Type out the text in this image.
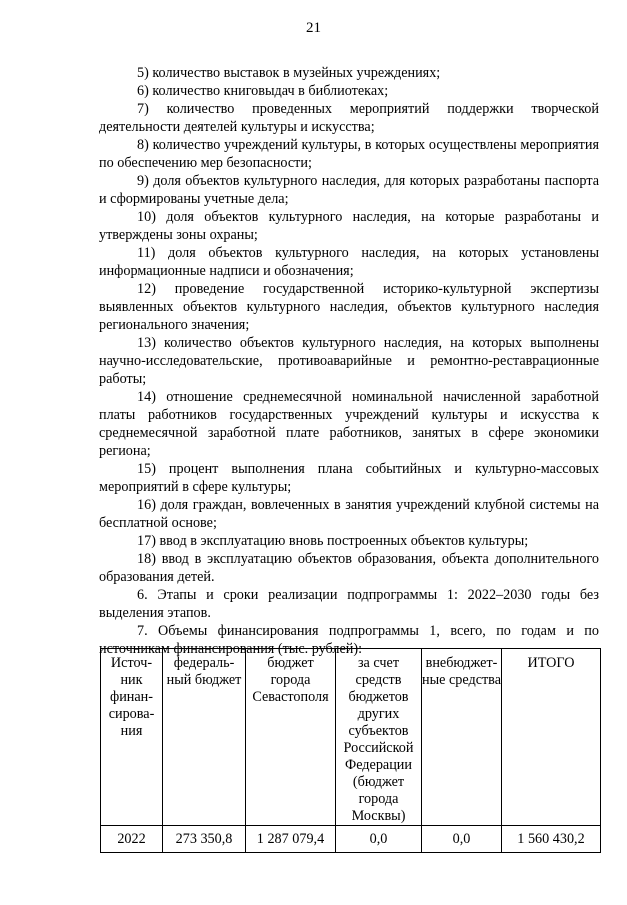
21

5) количество выставок в музейных учреждениях;

6) количество книговыдач в библиотеках;

7) количество проведенных мероприятий поддержки творческой деятельности деятелей культуры и искусства;

8) количество учреждений культуры, в которых осуществлены мероприятия по обеспечению мер безопасности;

9) доля объектов культурного наследия, для которых разработаны паспорта и сформированы учетные дела;

10) доля объектов культурного наследия, на которые разработаны и утверждены зоны охраны;

11) доля объектов культурного наследия, на которых установлены информационные надписи и обозначения;

12) проведение государственной историко-культурной экспертизы выявленных объектов культурного наследия, объектов культурного наследия регионального значения;

13) количество объектов культурного наследия, на которых выполнены научно-исследовательские, противоаварийные и ремонтно-реставрационные работы;

14) отношение среднемесячной номинальной начисленной заработной платы работников государственных учреждений культуры и искусства к среднемесячной заработной плате работников, занятых в сфере экономики региона;

15) процент выполнения плана событийных и культурно-массовых мероприятий в сфере культуры;

16) доля граждан, вовлеченных в занятия учреждений клубной системы на бесплатной основе;

17) ввод в эксплуатацию вновь построенных объектов культуры;

18) ввод в эксплуатацию объектов образования, объекта дополнительного образования детей.

6. Этапы и сроки реализации подпрограммы 1: 2022–2030 годы без выделения этапов.

7. Объемы финансирования подпрограммы 1, всего, по годам и по источникам финансирования (тыс. рублей):

Источ-ник финан-сирова-ния	федераль-ный бюджет	бюджет города Севастополя	за счет средств бюджетов других субъектов Российской Федерации (бюджет города Москвы)	внебюджет-ные средства	ИТОГО
2022	273 350,8	1 287 079,4	0,0	0,0	1 560 430,2
